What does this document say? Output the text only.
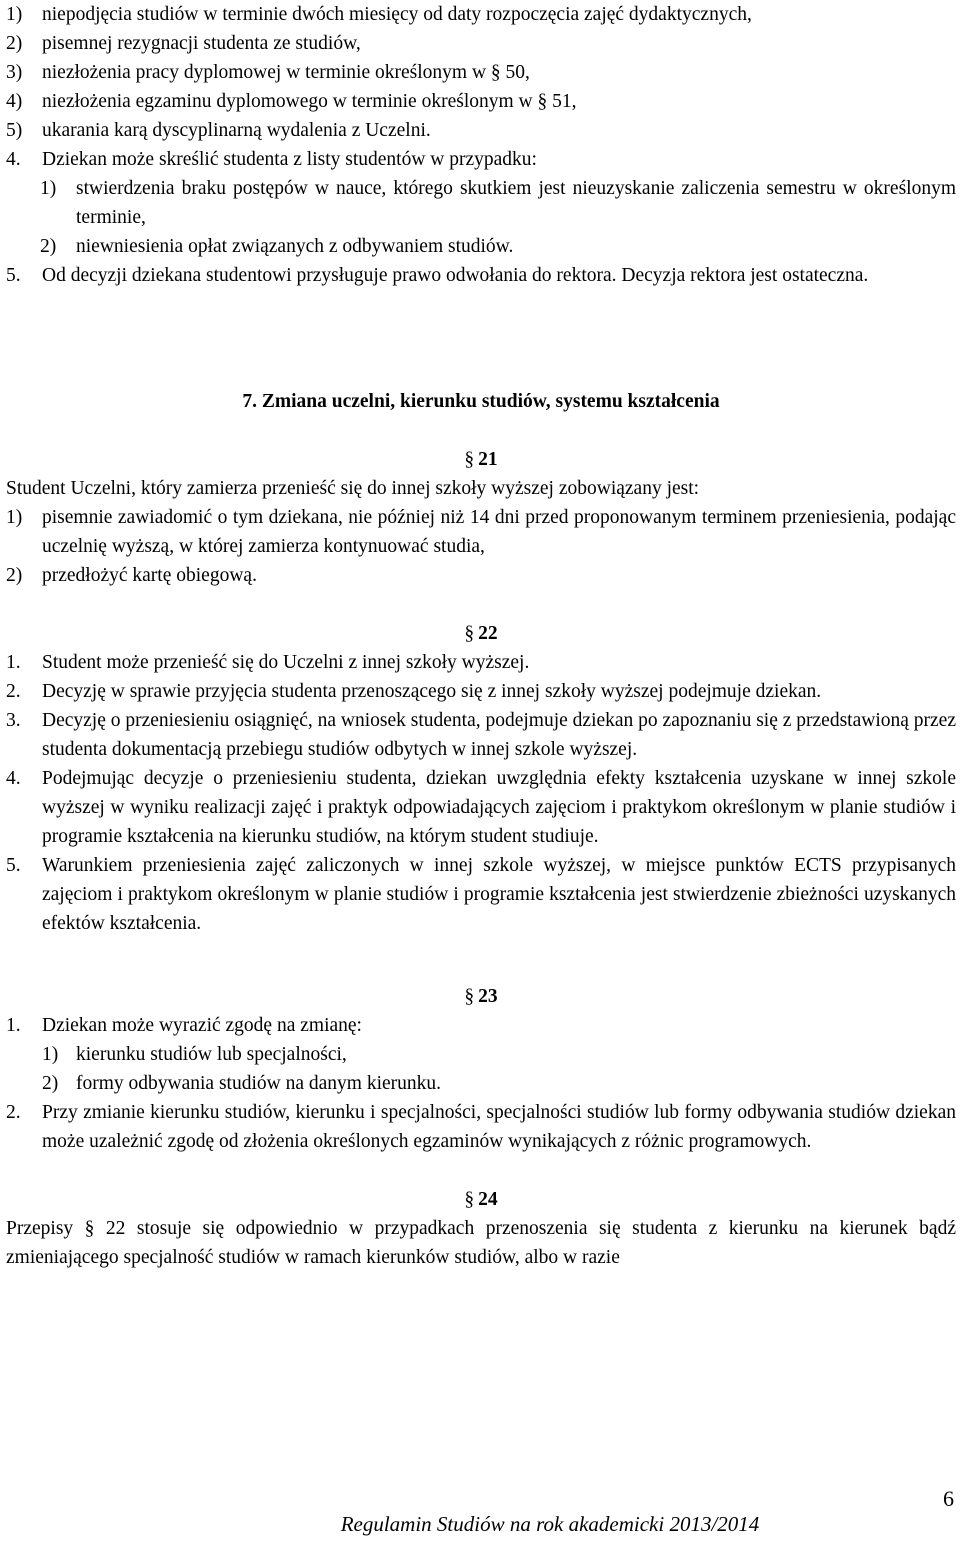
1) niepodjęcia studiów w terminie dwóch miesięcy od daty rozpoczęcia zajęć dydaktycznych,
2) pisemnej rezygnacji studenta ze studiów,
3) niezłożenia pracy dyplomowej w terminie określonym w § 50,
4) niezłożenia egzaminu dyplomowego w terminie określonym w § 51,
5) ukarania karą dyscyplinarną wydalenia z Uczelni.
4. Dziekan może skreślić studenta z listy studentów w przypadku:
1) stwierdzenia braku postępów w nauce, którego skutkiem jest nieuzyskanie zaliczenia semestru w określonym terminie,
2) niewniesienia opłat związanych z odbywaniem studiów.
5. Od decyzji dziekana studentowi przysługuje prawo odwołania do rektora. Decyzja rektora jest ostateczna.
7. Zmiana uczelni, kierunku studiów, systemu kształcenia
§ 21
Student Uczelni, który zamierza przenieść się do innej szkoły wyższej zobowiązany jest:
1) pisemnie zawiadomić o tym dziekana, nie później niż 14 dni przed proponowanym terminem przeniesienia, podając uczelnię wyższą, w której zamierza kontynuować studia,
2) przedłożyć kartę obiegową.
§ 22
1. Student może przenieść się do Uczelni z innej szkoły wyższej.
2. Decyzję w sprawie przyjęcia studenta przenoszącego się z innej szkoły wyższej podejmuje dziekan.
3. Decyzję o przeniesieniu osiągnięć, na wniosek studenta, podejmuje dziekan po zapoznaniu się z przedstawioną przez studenta dokumentacją przebiegu studiów odbytych w innej szkole wyższej.
4. Podejmując decyzje o przeniesieniu studenta, dziekan uwzględnia efekty kształcenia uzyskane w innej szkole wyższej w wyniku realizacji zajęć i praktyk odpowiadających zajęciom i praktykom określonym w planie studiów i programie kształcenia na kierunku studiów, na którym student studiuje.
5. Warunkiem przeniesienia zajęć zaliczonych w innej szkole wyższej, w miejsce punktów ECTS przypisanych zajęciom i praktykom określonym w planie studiów i programie kształcenia jest stwierdzenie zbieżności uzyskanych efektów kształcenia.
§ 23
1. Dziekan może wyrazić zgodę na zmianę:
1) kierunku studiów lub specjalności,
2) formy odbywania studiów na danym kierunku.
2. Przy zmianie kierunku studiów, kierunku i specjalności, specjalności studiów lub formy odbywania studiów dziekan może uzależnić zgodę od złożenia określonych egzaminów wynikających z różnic programowych.
§ 24
Przepisy § 22 stosuje się odpowiednio w przypadkach przenoszenia się studenta z kierunku na kierunek bądź zmieniającego specjalność studiów w ramach kierunków studiów, albo w razie
6
Regulamin Studiów na rok akademicki 2013/2014
